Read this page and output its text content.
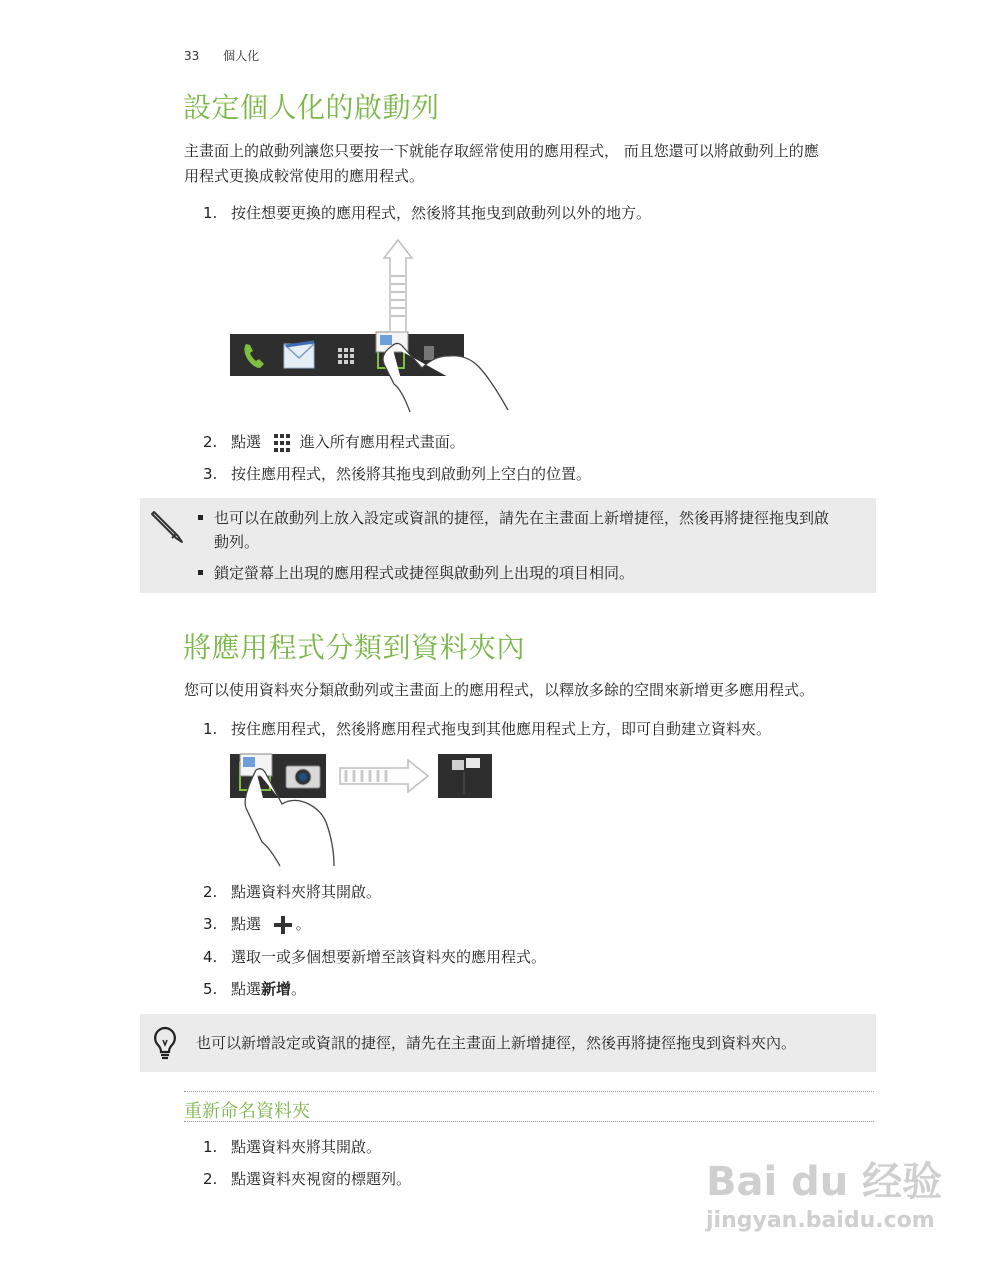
33 個人化
設定個人化的啟動列
主畫面上的啟動列讓您只要按一下就能存取經常使用的應用程式， 而且您還可以將啟動列上的應
用程式更換成較常使用的應用程式。
1. 按住想要更換的應用程式，然後將其拖曳到啟動列以外的地方。
2. 點選	進入所有應用程式畫面。
3. 按住應用程式，然後將其拖曳到啟動列上空白的位置。
也可以在啟動列上放入設定或資訊的捷徑，請先在主畫面上新增捷徑，然後再將捷徑拖曳到啟
動列。
鎖定螢幕上出現的應用程式或捷徑與啟動列上出現的項目相同。
將應用程式分類到資料夾內
您可以使用資料夾分類啟動列或主畫面上的應用程式，以釋放多餘的空間來新增更多應用程式。
1. 按住應用程式，然後將應用程式拖曳到其他應用程式上方，即可自動建立資料夾。
2. 點選資料夾將其開啟。
3. 點選 。
4. 選取一或多個想要新增至該資料夾的應用程式。
5. 點選新增。
也可以新增設定或資訊的捷徑，請先在主畫面上新增捷徑，然後再將捷徑拖曳到資料夾內。
重新命名資料夾
1. 點選資料夾將其開啟。
2. 點選資料夾視窗的標題列。	Bai du 经验
jingyan.baidu.com
